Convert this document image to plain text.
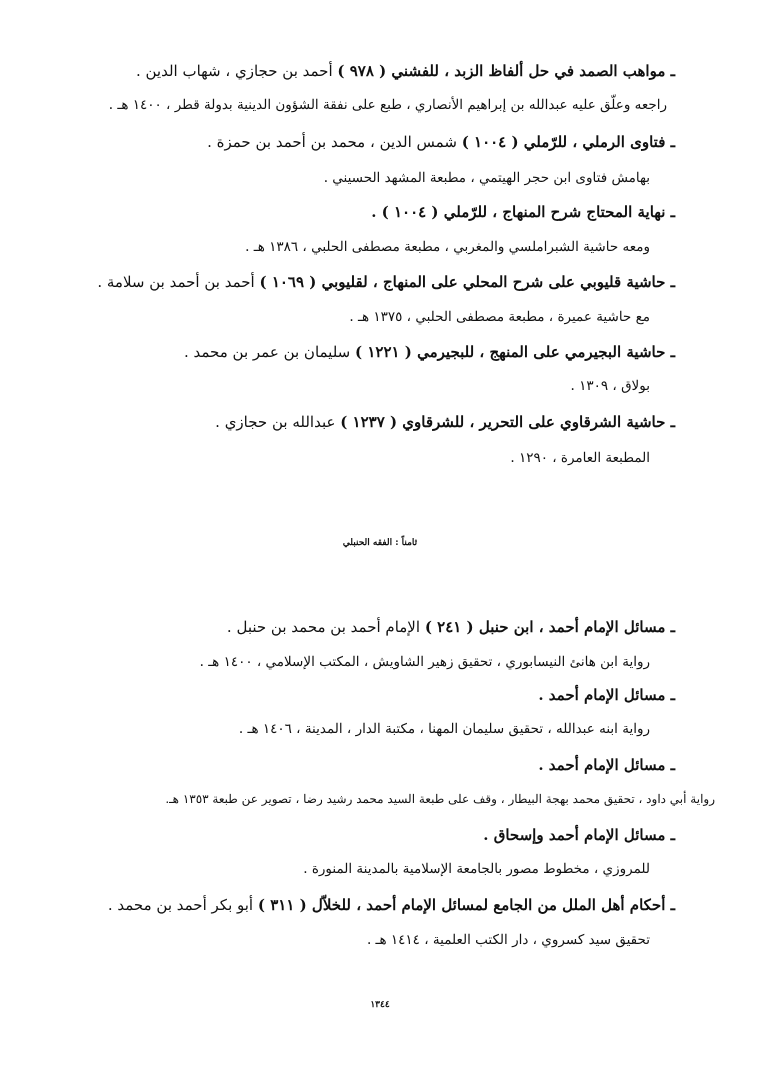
ـ مواهب الصمد في حل ألفاظ الزبد ، للفشني ( ٩٧٨ ) أحمد بن حجازي ، شهاب الدين .
راجعه وعلّق عليه عبدالله بن إبراهيم الأنصاري ، طبع على نفقة الشؤون الدينية بدولة قطر ، ١٤٠٠ هـ .
ـ فتاوى الرملي ، للرّملي ( ١٠٠٤ ) شمس الدين ، محمد بن أحمد بن حمزة .
بهامش فتاوى ابن حجر الهيتمي ، مطبعة المشهد الحسيني .
ـ نهاية المحتاج شرح المنهاج ، للرّملي ( ١٠٠٤ ) .
ومعه حاشية الشبراملسي والمغربي ، مطبعة مصطفى الحلبي ، ١٣٨٦ هـ .
ـ حاشية قليوبي على شرح المحلي على المنهاج ، لقليوبي ( ١٠٦٩ ) أحمد بن أحمد بن سلامة .
مع حاشية عميرة ، مطبعة مصطفى الحلبي ، ١٣٧٥ هـ .
ـ حاشية البجيرمي على المنهج ، للبجيرمي ( ١٢٢١ ) سليمان بن عمر بن محمد .
بولاق ، ١٣٠٩ .
ـ حاشية الشرقاوي على التحرير ، للشرقاوي ( ١٢٣٧ ) عبدالله بن حجازي .
المطبعة العامرة ، ١٢٩٠ .
ثامناً : الفقه الحنبلي
ـ مسائل الإمام أحمد ، ابن حنبل ( ٢٤١ ) الإمام أحمد بن محمد بن حنبل .
رواية ابن هانئ النيسابوري ، تحقيق زهير الشاويش ، المكتب الإسلامي ، ١٤٠٠ هـ .
ـ مسائل الإمام أحمد .
رواية ابنه عبدالله ، تحقيق سليمان المهنا ، مكتبة الدار ، المدينة ، ١٤٠٦ هـ .
ـ مسائل الإمام أحمد .
رواية أبي داود ، تحقيق محمد بهجة البيطار ، وقف على طبعة السيد محمد رشيد رضا ، تصوير عن طبعة ١٣٥٣ هـ.
ـ مسائل الإمام أحمد وإسحاق .
للمروزي ، مخطوط مصور بالجامعة الإسلامية بالمدينة المنورة .
ـ أحكام أهل الملل من الجامع لمسائل الإمام أحمد ، للخلاّل ( ٣١١ ) أبو بكر أحمد بن محمد .
تحقيق سيد كسروي ، دار الكتب العلمية ، ١٤١٤ هـ .
١٣٤٤
